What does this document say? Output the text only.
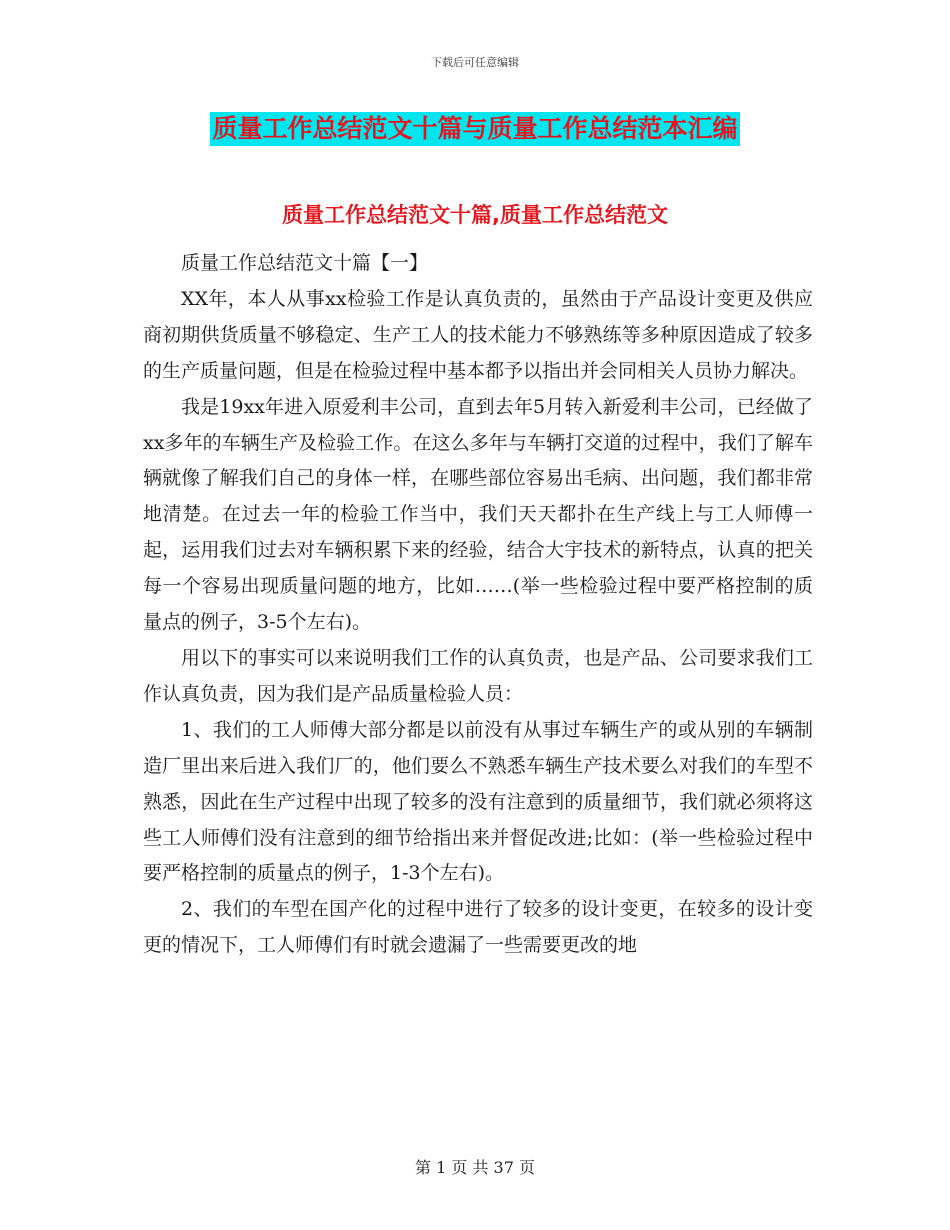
下载后可任意编辑
质量工作总结范文十篇与质量工作总结范本汇编
质量工作总结范文十篇,质量工作总结范文

质量工作总结范文十篇【一】

XX年，本人从事xx检验工作是认真负责的，虽然由于产品设计变更及供应商初期供货质量不够稳定、生产工人的技术能力不够熟练等多种原因造成了较多的生产质量问题，但是在检验过程中基本都予以指出并会同相关人员协力解决。

我是19xx年进入原爱利丰公司，直到去年5月转入新爱利丰公司，已经做了xx多年的车辆生产及检验工作。在这么多年与车辆打交道的过程中，我们了解车辆就像了解我们自己的身体一样，在哪些部位容易出毛病、出问题，我们都非常地清楚。在过去一年的检验工作当中，我们天天都扑在生产线上与工人师傅一起，运用我们过去对车辆积累下来的经验，结合大宇技术的新特点，认真的把关每一个容易出现质量问题的地方，比如……(举一些检验过程中要严格控制的质量点的例子，3-5个左右)。

用以下的事实可以来说明我们工作的认真负责，也是产品、公司要求我们工作认真负责，因为我们是产品质量检验人员：

1、我们的工人师傅大部分都是以前没有从事过车辆生产的或从别的车辆制造厂里出来后进入我们厂的，他们要么不熟悉车辆生产技术要么对我们的车型不熟悉，因此在生产过程中出现了较多的没有注意到的质量细节，我们就必须将这些工人师傅们没有注意到的细节给指出来并督促改进;比如：(举一些检验过程中要严格控制的质量点的例子，1-3个左右)。

2、我们的车型在国产化的过程中进行了较多的设计变更，在较多的设计变更的情况下，工人师傅们有时就会遗漏了一些需要更改的地

第 1 页 共 37 页
